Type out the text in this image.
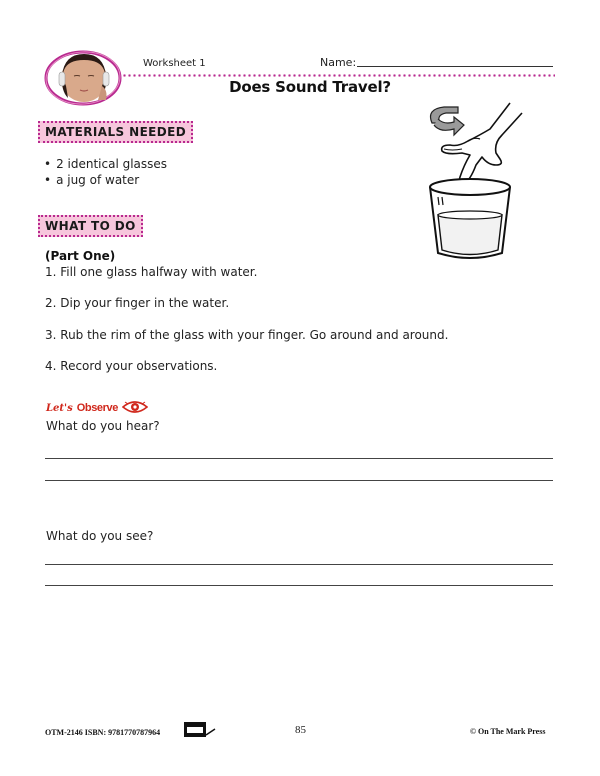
Worksheet 1	Name:
Does Sound Travel?
MATERIALS NEEDED
• 2 identical glasses
• a jug of water
WHAT TO DO
(Part One)
1. Fill one glass halfway with water.
2. Dip your finger in the water.
3. Rub the rim of the glass with your finger. Go around and around.
4. Record your observations.
Let's Observe
What do you hear?
What do you see?
OTM-2146 ISBN: 9781770787964	85	© On The Mark Press
